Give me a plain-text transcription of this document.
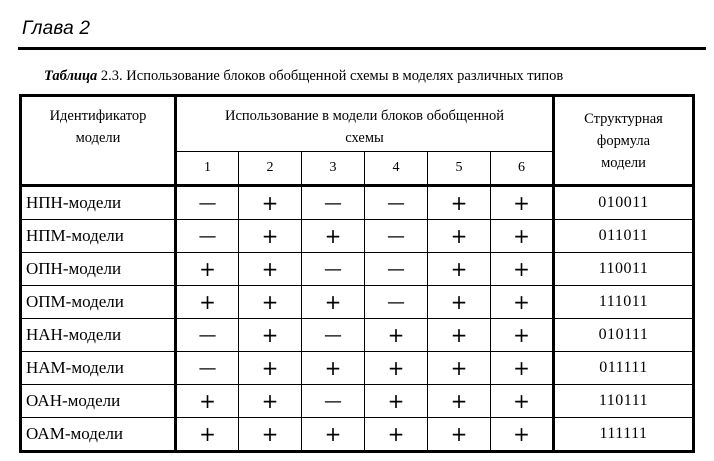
Глава 2
Таблица 2.3. Использование блоков обобщенной схемы в моделях различных типов
Идентификатор модели	Использование в модели блоков обобщенной схемы						Структурная формула модели
	1	2	3	4	5	6	
НПН-модели	—	+	—	—	+	+	010011
НПМ-модели	—	+	+	—	+	+	011011
ОПН-модели	+	+	—	—	+	+	110011
ОПМ-модели	+	+	+	—	+	+	111011
НАН-модели	—	+	—	+	+	+	010111
НАМ-модели	—	+	+	+	+	+	011111
ОАН-модели	+	+	—	+	+	+	110111
ОАМ-модели	+	+	+	+	+	+	111111
